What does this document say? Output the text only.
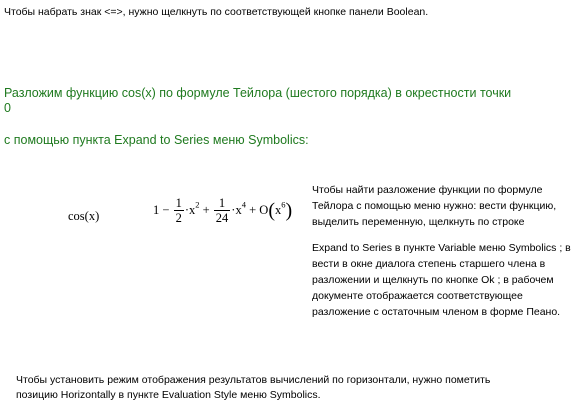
Чтобы набрать знак <=>, нужно щелкнуть по соответствующей кнопке панели Boolean.
Разложим функцию cos(x) по формуле Тейлора (шестого порядка) в окрестности точки
0
с помощью пункта Expand to Series меню Symbolics:
cos(x)	$1 - \frac{1}{2} \cdot x^2 + \frac{1}{24} \cdot x^4 + O(x^6)$

Чтобы найти разложение функции по формуле Тейлора с помощью меню нужно: вести функцию, выделить переменную, щелкнуть по строке

Expand to Series в пункте Variable меню Symbolics ; в вести в окне диалога степень старшего члена в разложении и щелкнуть по кнопке Ok ; в рабочем документе отображается соответствующее разложение с остаточным членом в форме Пеано.

Чтобы установить режим отображения результатов вычислений по горизонтали, нужно пометить
позицию Horizontally в пункте Evaluation Style меню Symbolics.
